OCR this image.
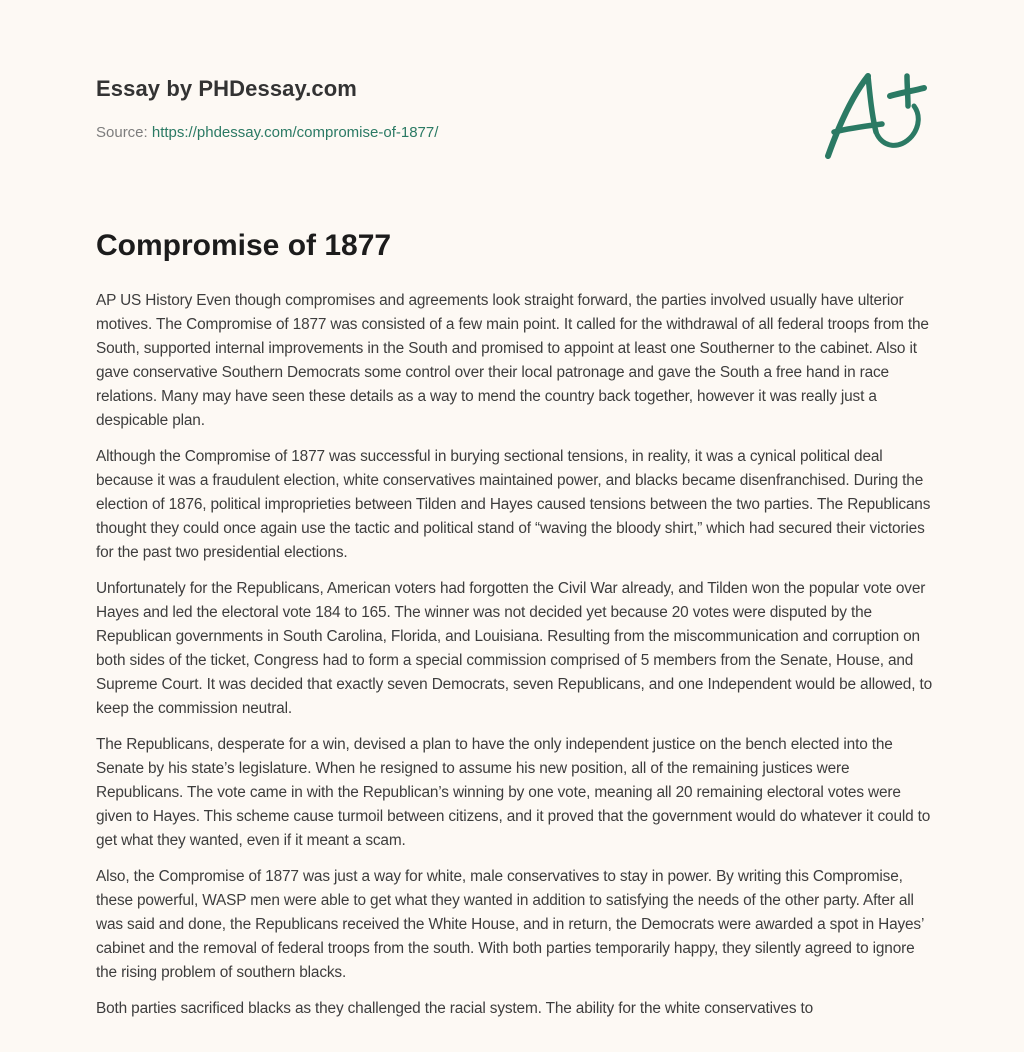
Essay by PHDessay.com
Source: https://phdessay.com/compromise-of-1877/
Compromise of 1877

AP US History Even though compromises and agreements look straight forward, the parties involved usually have ulterior motives. The Compromise of 1877 was consisted of a few main point. It called for the withdrawal of all federal troops from the South, supported internal improvements in the South and promised to appoint at least one Southerner to the cabinet. Also it gave conservative Southern Democrats some control over their local patronage and gave the South a free hand in race relations. Many may have seen these details as a way to mend the country back together, however it was really just a despicable plan.

Although the Compromise of 1877 was successful in burying sectional tensions, in reality, it was a cynical political deal because it was a fraudulent election, white conservatives maintained power, and blacks became disenfranchised. During the election of 1876, political improprieties between Tilden and Hayes caused tensions between the two parties. The Republicans thought they could once again use the tactic and political stand of “waving the bloody shirt,” which had secured their victories for the past two presidential elections.

Unfortunately for the Republicans, American voters had forgotten the Civil War already, and Tilden won the popular vote over Hayes and led the electoral vote 184 to 165. The winner was not decided yet because 20 votes were disputed by the Republican governments in South Carolina, Florida, and Louisiana. Resulting from the miscommunication and corruption on both sides of the ticket, Congress had to form a special commission comprised of 5 members from the Senate, House, and Supreme Court. It was decided that exactly seven Democrats, seven Republicans, and one Independent would be allowed, to keep the commission neutral.

The Republicans, desperate for a win, devised a plan to have the only independent justice on the bench elected into the Senate by his state’s legislature. When he resigned to assume his new position, all of the remaining justices were Republicans. The vote came in with the Republican’s winning by one vote, meaning all 20 remaining electoral votes were given to Hayes. This scheme cause turmoil between citizens, and it proved that the government would do whatever it could to get what they wanted, even if it meant a scam.

Also, the Compromise of 1877 was just a way for white, male conservatives to stay in power. By writing this Compromise, these powerful, WASP men were able to get what they wanted in addition to satisfying the needs of the other party. After all was said and done, the Republicans received the White House, and in return, the Democrats were awarded a spot in Hayes’ cabinet and the removal of federal troops from the south. With both parties temporarily happy, they silently agreed to ignore the rising problem of southern blacks.

Both parties sacrificed blacks as they challenged the racial system. The ability for the white conservatives to
